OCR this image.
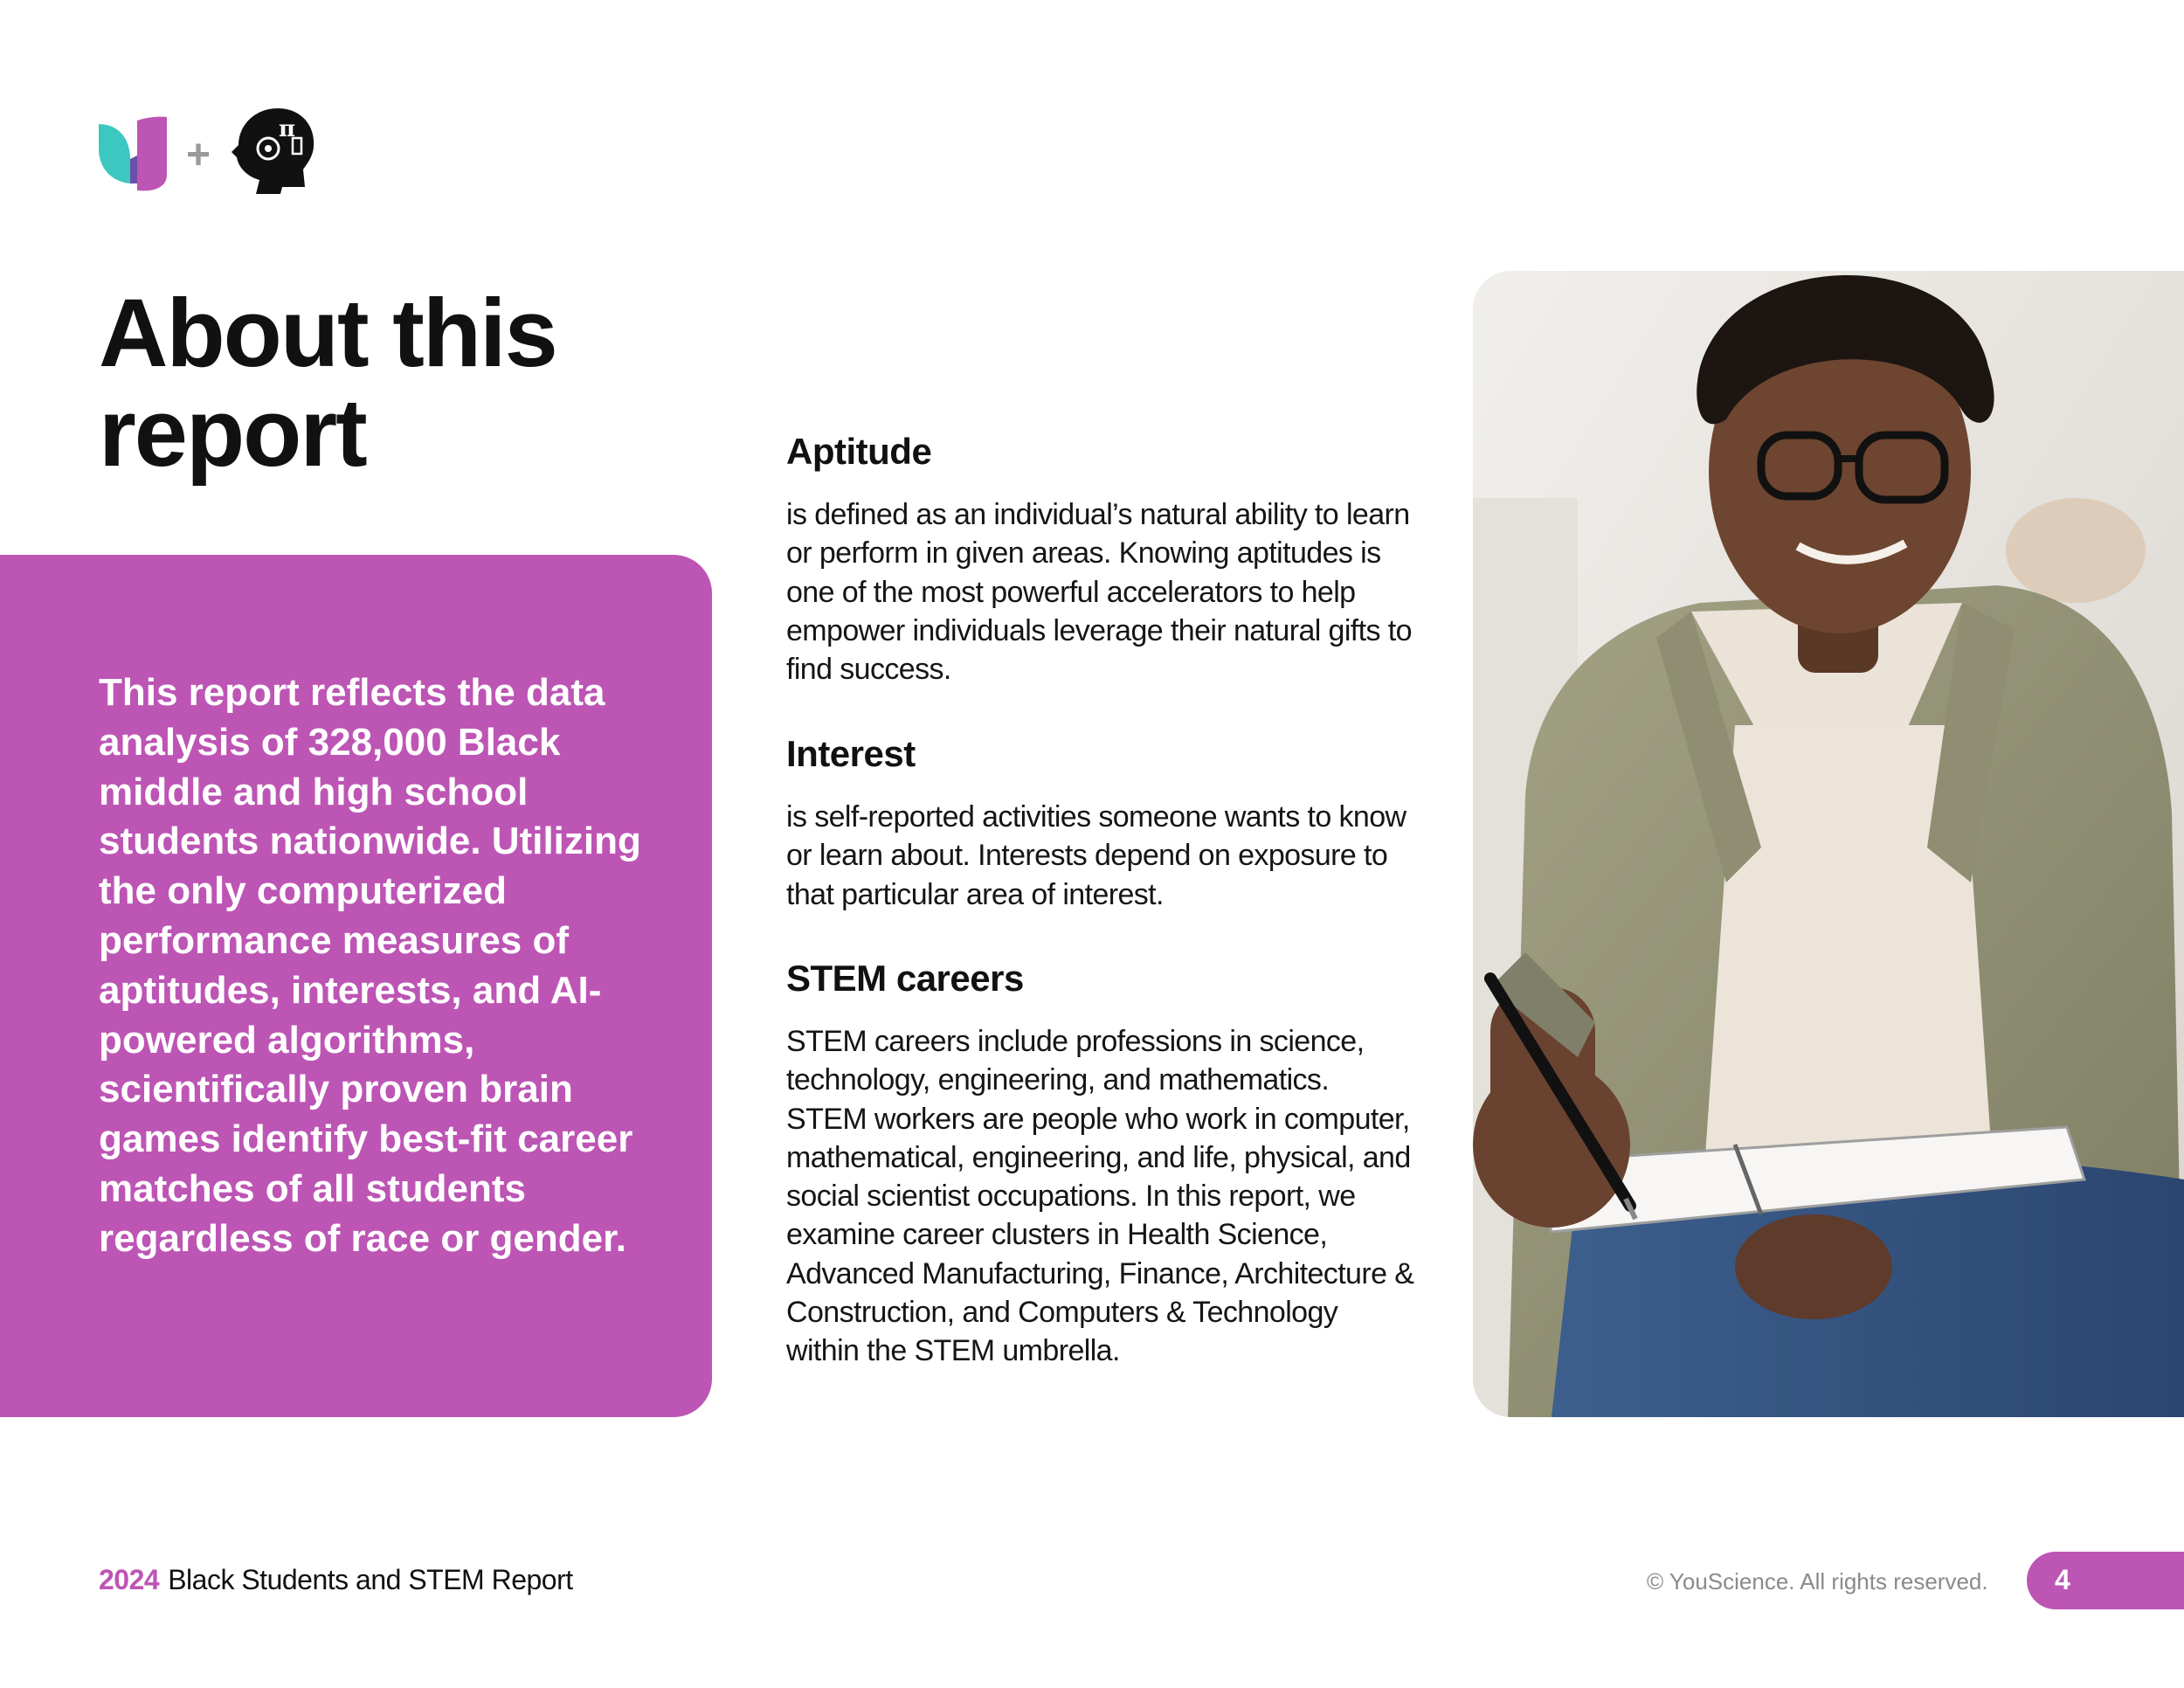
+
π
About this
report

This report reflects the data analysis of 328,000 Black middle and high school students nationwide. Utilizing the only computerized performance measures of aptitudes, interests, and AI-powered algorithms, scientifically proven brain games identify best-fit career matches of all students regardless of race or gender.

Aptitude

is defined as an individual’s natural ability to learn or perform in given areas. Knowing aptitudes is one of the most powerful accelerators to help empower individuals leverage their natural gifts to find success.

Interest

is self-reported activities someone wants to know or learn about. Interests depend on exposure to that particular area of interest.

STEM careers

STEM careers include professions in science, technology, engineering, and mathematics. STEM workers are people who work in computer, mathematical, engineering, and life, physical, and social scientist occupations. In this report, we examine career clusters in Health Science, Advanced Manufacturing, Finance, Architecture & Construction, and Computers & Technology within the STEM umbrella.

2024 Black Students and STEM Report	© YouScience. All rights reserved. 4
